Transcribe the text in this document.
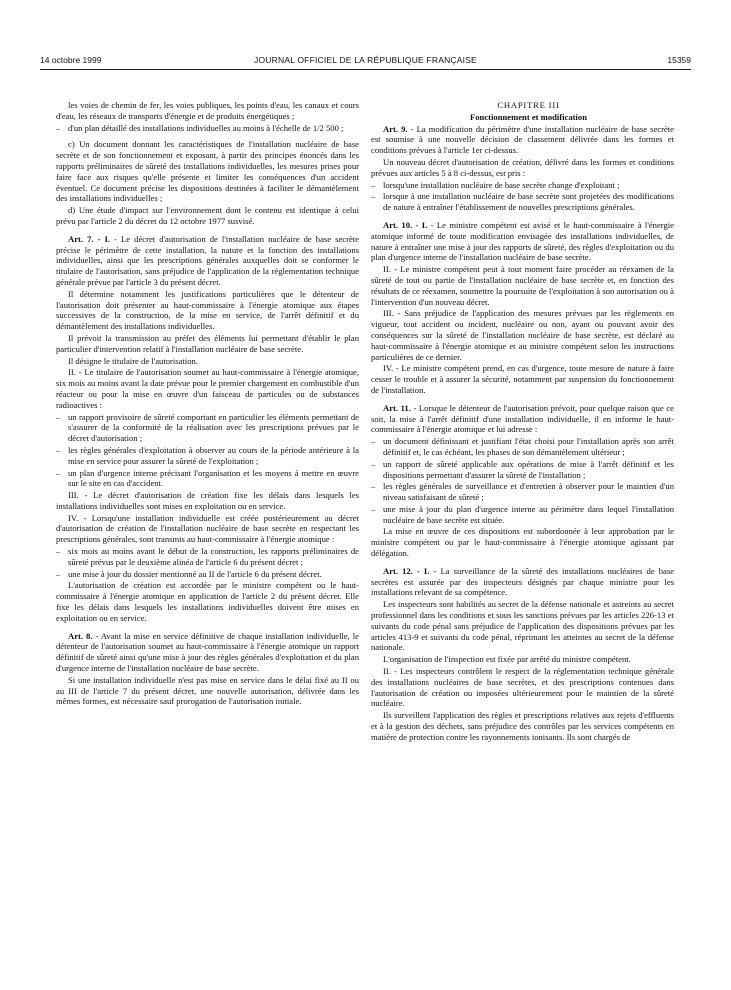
14 octobre 1999	JOURNAL OFFICIEL DE LA RÉPUBLIQUE FRANÇAISE	15359

les voies de chemin de fer, les voies publiques, les points d'eau, les canaux et cours d'eau, les réseaux de transports d'énergie et de produits énergétiques ;

– d'un plan détaillé des installations individuelles au moins à l'échelle de 1/2 500 ;

c) Un document donnant les caractéristiques de l'installation nucléaire de base secrète et de son fonctionnement et exposant, à partir des principes énoncés dans les rapports préliminaires de sûreté des installations individuelles, les mesures prises pour faire face aux risques qu'elle présente et limiter les conséquences d'un accident éventuel. Ce document précise les dispositions destinées à faciliter le démantèlement des installations individuelles ;

d) Une étude d'impact sur l'environnement dont le contenu est identique à celui prévu par l'article 2 du décret du 12 octobre 1977 susvisé.

Art. 7. - I. - Le décret d'autorisation de l'installation nucléaire de base secrète précise le périmètre de cette installation, la nature et la fonction des installations individuelles, ainsi que les prescriptions générales auxquelles doit se conformer le titulaire de l'autorisation, sans préjudice de l'application de la réglementation technique générale prévue par l'article 3 du présent décret.

Il détermine notamment les justifications particulières que le détenteur de l'autorisation doit présenter au haut-commissaire à l'énergie atomique aux étapes successives de la construction, de la mise en service, de l'arrêt définitif et du démantèlement des installations individuelles.

Il prévoit la transmission au préfet des éléments lui permettant d'établir le plan particulier d'intervention relatif à l'installation nucléaire de base secrète.

Il désigne le titulaire de l'autorisation.

II. - Le titulaire de l'autorisation soumet au haut-commissaire à l'énergie atomique, six mois au moins avant la date prévue pour le premier chargement en combustible d'un réacteur ou pour la mise en œuvre d'un faisceau de particules ou de substances radioactives :

– un rapport provisoire de sûreté comportant en particulier les éléments permettant de s'assurer de la conformité de la réalisation avec les prescriptions prévues par le décret d'autorisation ;
– les règles générales d'exploitation à observer au cours de la période antérieure à la mise en service pour assurer la sûreté de l'exploitation ;
– un plan d'urgence interne précisant l'organisation et les moyens à mettre en œuvre sur le site en cas d'accident.

III. - Le décret d'autorisation de création fixe les délais dans lesquels les installations individuelles sont mises en exploitation ou en service.

IV. - Lorsqu'une installation individuelle est créée postérieurement au décret d'autorisation de création de l'installation nucléaire de base secrète en respectant les prescriptions générales, sont transmis au haut-commissaire à l'énergie atomique :

– six mois au moins avant le début de la construction, les rapports préliminaires de sûreté prévus par le deuxième alinéa de l'article 6 du présent décret ;
– une mise à jour du dossier mentionné au II de l'article 6 du présent décret.

L'autorisation de création est accordée par le ministre compétent ou le haut-commissaire à l'énergie atomique en application de l'article 2 du présent décret. Elle fixe les délais dans lesquels les installations individuelles doivent être mises en exploitation ou en service.

Art. 8. - Avant la mise en service définitive de chaque installation individuelle, le détenteur de l'autorisation soumet au haut-commissaire à l'énergie atomique un rapport définitif de sûreté ainsi qu'une mise à jour des règles générales d'exploitation et du plan d'urgence interne de l'installation nucléaire de base secrète.

Si une installation individuelle n'est pas mise en service dans le délai fixé au II ou au III de l'article 7 du présent décret, une nouvelle autorisation, délivrée dans les mêmes formes, est nécessaire sauf prorogation de l'autorisation initiale.

CHAPITRE III

Fonctionnement et modification

Art. 9. - La modification du périmètre d'une installation nucléaire de base secrète est soumise à une nouvelle décision de classement délivrée dans les formes et conditions prévues à l'article 1er ci-dessus.

Un nouveau décret d'autorisation de création, délivré dans les formes et conditions prévues aux articles 5 à 8 ci-dessus, est pris :

– lorsqu'une installation nucléaire de base secrète change d'exploitant ;
– lorsque à une installation nucléaire de base secrète sont projetées des modifications de nature à entraîner l'établissement de nouvelles prescriptions générales.

Art. 10. - I. - Le ministre compétent est avisé et le haut-commissaire à l'énergie atomique informé de toute modification envisagée des installations individuelles, de nature à entraîner une mise à jour des rapports de sûreté, des règles d'exploitation ou du plan d'urgence interne de l'installation nucléaire de base secrète.

II. - Le ministre compétent peut à tout moment faire procéder au réexamen de la sûreté de tout ou partie de l'installation nucléaire de base secrète et, en fonction des résultats de ce réexamen, soumettre la poursuite de l'exploitation à son autorisation ou à l'intervention d'un nouveau décret.

III. - Sans préjudice de l'application des mesures prévues par les règlements en vigueur, tout accident ou incident, nucléaire ou non, ayant ou pouvant avoir des conséquences sur la sûreté de l'installation nucléaire de base secrète, est déclaré au haut-commissaire à l'énergie atomique et au ministre compétent selon les instructions particulières de ce dernier.

IV. - Le ministre compétent prend, en cas d'urgence, toute mesure de nature à faire cesser le trouble et à assurer la sécurité, notamment par suspension du fonctionnement de l'installation.

Art. 11. - Lorsque le détenteur de l'autorisation prévoit, pour quelque raison que ce soit, la mise à l'arrêt définitif d'une installation individuelle, il en informe le haut-commissaire à l'énergie atomique et lui adresse :

– un document définissant et justifiant l'état choisi pour l'installation après son arrêt définitif et, le cas échéant, les phases de son démantèlement ultérieur ;
– un rapport de sûreté applicable aux opérations de mise à l'arrêt définitif et les dispositions permettant d'assurer la sûreté de l'installation ;
– les règles générales de surveillance et d'entretien à observer pour le maintien d'un niveau satisfaisant de sûreté ;
– une mise à jour du plan d'urgence interne au périmètre dans lequel l'installation nucléaire de base secrète est située.

La mise en œuvre de ces dispositions est subordonnée à leur approbation par le ministre compétent ou par le haut-commissaire à l'énergie atomique agissant par délégation.

Art. 12. - I. - La surveillance de la sûreté des installations nucléaires de base secrètes est assurée par des inspecteurs désignés par chaque ministre pour les installations relevant de sa compétence.

Les inspecteurs sont habilités au secret de la défense nationale et astreints au secret professionnel dans les conditions et sous les sanctions prévues par les articles 226-13 et suivants du code pénal sans préjudice de l'application des dispositions prévues par les articles 413-9 et suivants du code pénal, réprimant les atteintes au secret de la défense nationale.

L'organisation de l'inspection est fixée par arrêté du ministre compétent.

II. - Les inspecteurs contrôlent le respect de la réglementation technique générale des installations nucléaires de base secrètes, et des prescriptions contenues dans l'autorisation de création ou imposées ultérieurement pour le maintien de la sûreté nucléaire.

Ils surveillent l'application des règles et prescriptions relatives aux rejets d'effluents et à la gestion des déchets, sans préjudice des contrôles par les services compétents en matière de protection contre les rayonnements ionisants. Ils sont chargés de
